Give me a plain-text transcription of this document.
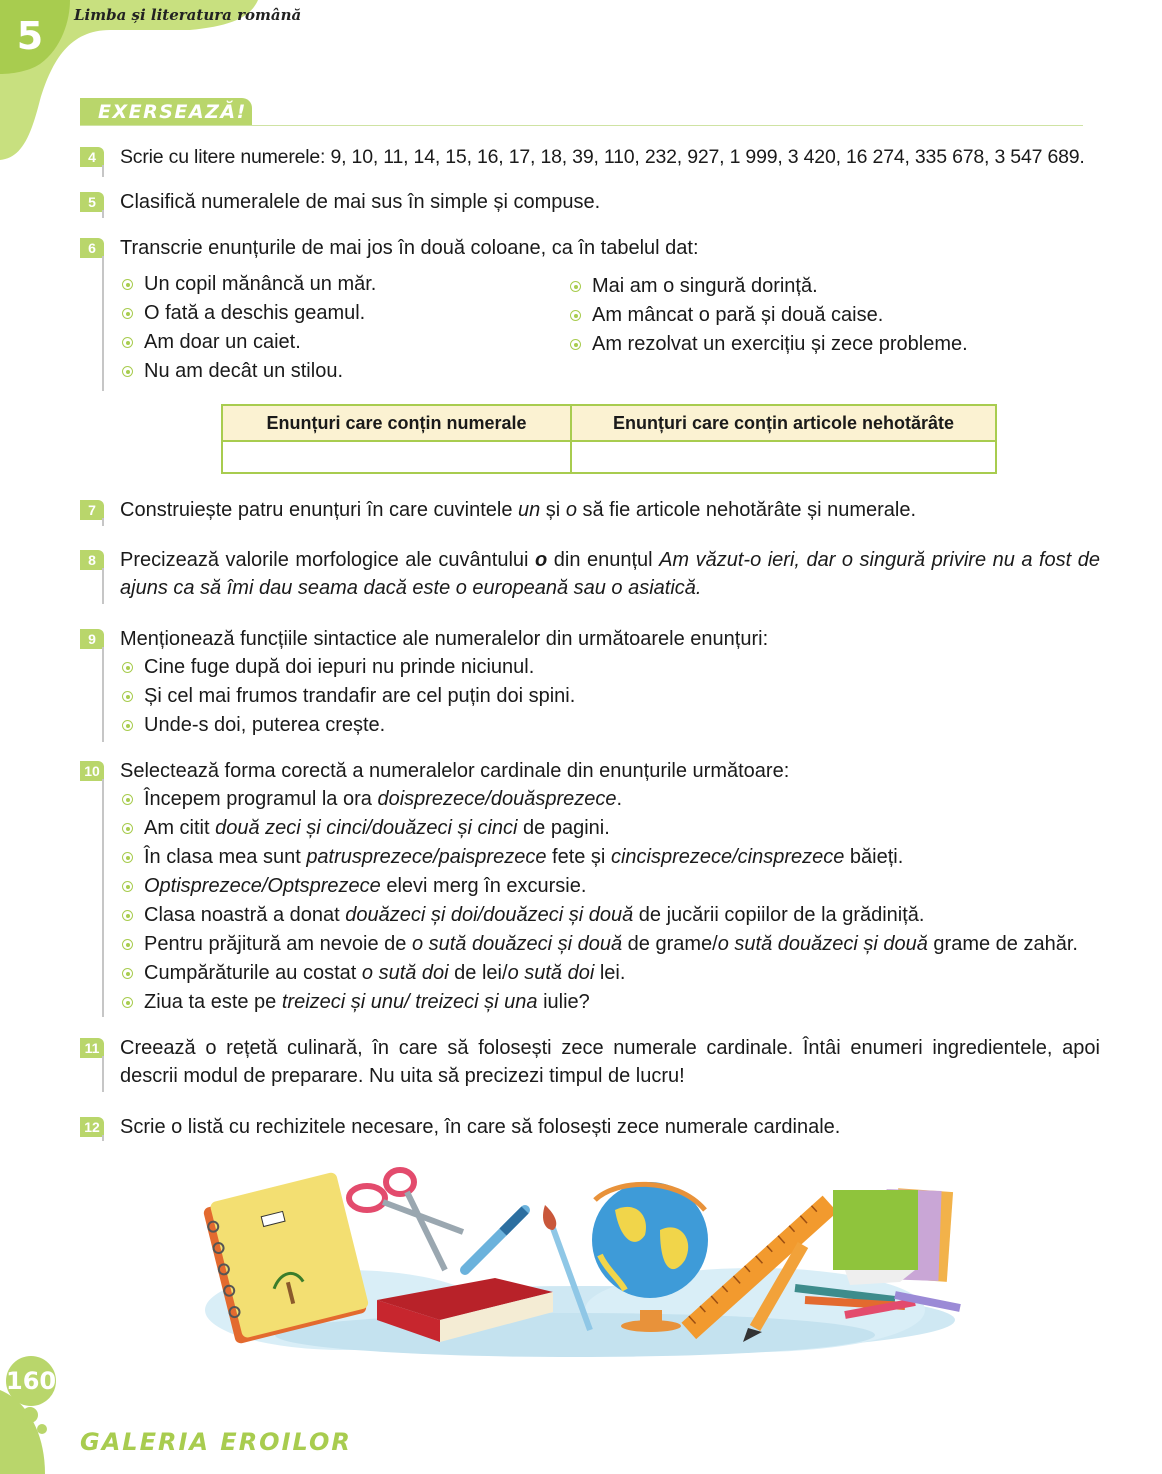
5	Limba și literatura română
EXERSEAZĂ!
4	Scrie cu litere numerele: 9, 10, 11, 14, 15, 16, 17, 18, 39, 110, 232, 927, 1 999, 3 420, 16 274, 335 678, 3 547 689.
5	Clasifică numeralele de mai sus în simple și compuse.
6	Transcrie enunțurile de mai jos în două coloane, ca în tabelul dat:
Un copil mănâncă un măr.
O fată a deschis geamul.
Am doar un caiet.
Nu am decât un stilou.
Mai am o singură dorință.
Am mâncat o pară și două caise.
Am rezolvat un exercițiu și zece probleme.
Enunțuri care conțin numerale	Enunțuri care conțin articole nehotărâte

7	Construiește patru enunțuri în care cuvintele un și o să fie articole nehotărâte și numerale.
8	Precizează valorile morfologice ale cuvântului o din enunțul Am văzut-o ieri, dar o singură privire nu a fost de ajuns ca să îmi dau seama dacă este o europeană sau o asiatică.
9	Menționează funcțiile sintactice ale numeralelor din următoarele enunțuri:
Cine fuge după doi iepuri nu prinde niciunul.
Și cel mai frumos trandafir are cel puțin doi spini.
Unde-s doi, puterea crește.
10 Selectează forma corectă a numeralelor cardinale din enunțurile următoare:
Începem programul la ora doisprezece/douăsprezece.
Am citit două zeci și cinci/douăzeci și cinci de pagini.
În clasa mea sunt patrusprezece/paisprezece fete și cincisprezece/cinsprezece băieți.
Optisprezece/Optsprezece elevi merg în excursie.
Clasa noastră a donat douăzeci și doi/douăzeci și două de jucării copiilor de la grădiniță.
Pentru prăjitură am nevoie de o sută douăzeci și două de grame/o sută douăzeci și două grame de zahăr.
Cumpărăturile au costat o sută doi de lei/o sută doi lei.
Ziua ta este pe treizeci și unu/ treizeci și una iulie?
11 Creează o rețetă culinară, în care să folosești zece numerale cardinale. Întâi enumeri ingredientele, apoi descrii modul de preparare. Nu uita să precizezi timpul de lucru!
12 Scrie o listă cu rechizitele necesare, în care să folosești zece numerale cardinale.
160
GALERIA EROILOR
